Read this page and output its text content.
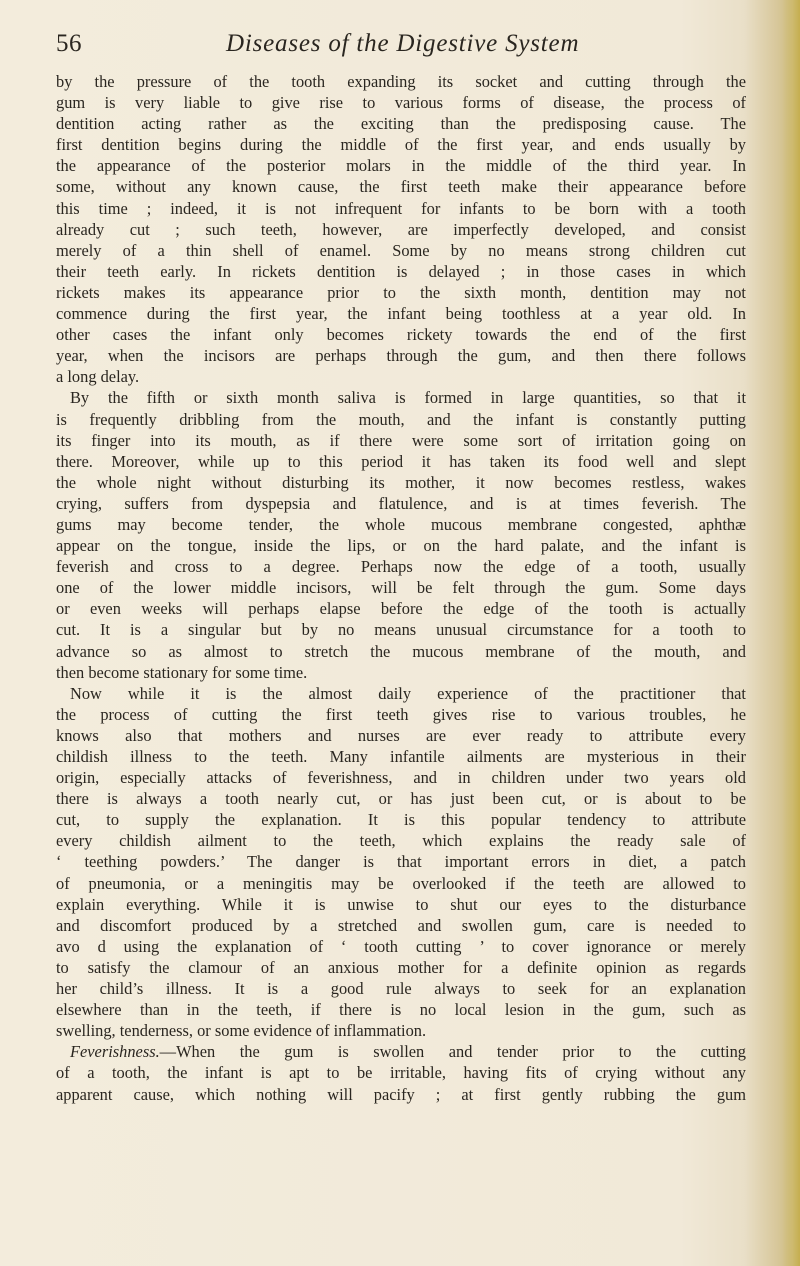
56	Diseases of the Digestive System
by the pressure of the tooth expanding its socket and cutting through the
gum is very liable to give rise to various forms of disease, the process of
dentition acting rather as the exciting than the predisposing cause. The
first dentition begins during the middle of the first year, and ends usually by
the appearance of the posterior molars in the middle of the third year. In
some, without any known cause, the first teeth make their appearance before
this time ; indeed, it is not infrequent for infants to be born with a tooth
already cut ; such teeth, however, are imperfectly developed, and consist
merely of a thin shell of enamel. Some by no means strong children cut
their teeth early. In rickets dentition is delayed ; in those cases in which
rickets makes its appearance prior to the sixth month, dentition may not
commence during the first year, the infant being toothless at a year old. In
other cases the infant only becomes rickety towards the end of the first
year, when the incisors are perhaps through the gum, and then there follows
a long delay.
By the fifth or sixth month saliva is formed in large quantities, so that it
is frequently dribbling from the mouth, and the infant is constantly putting
its finger into its mouth, as if there were some sort of irritation going on
there. Moreover, while up to this period it has taken its food well and slept
the whole night without disturbing its mother, it now becomes restless, wakes
crying, suffers from dyspepsia and flatulence, and is at times feverish. The
gums may become tender, the whole mucous membrane congested, aphthæ
appear on the tongue, inside the lips, or on the hard palate, and the infant is
feverish and cross to a degree. Perhaps now the edge of a tooth, usually
one of the lower middle incisors, will be felt through the gum. Some days
or even weeks will perhaps elapse before the edge of the tooth is actually
cut. It is a singular but by no means unusual circumstance for a tooth to
advance so as almost to stretch the mucous membrane of the mouth, and
then become stationary for some time.
Now while it is the almost daily experience of the practitioner that
the process of cutting the first teeth gives rise to various troubles, he
knows also that mothers and nurses are ever ready to attribute every
childish illness to the teeth. Many infantile ailments are mysterious in their
origin, especially attacks of feverishness, and in children under two years old
there is always a tooth nearly cut, or has just been cut, or is about to be
cut, to supply the explanation. It is this popular tendency to attribute
every childish ailment to the teeth, which explains the ready sale of
‘ teething powders.’ The danger is that important errors in diet, a patch
of pneumonia, or a meningitis may be overlooked if the teeth are allowed to
explain everything. While it is unwise to shut our eyes to the disturbance
and discomfort produced by a stretched and swollen gum, care is needed to
avo d using the explanation of ‘ tooth cutting ’ to cover ignorance or merely
to satisfy the clamour of an anxious mother for a definite opinion as regards
her child’s illness. It is a good rule always to seek for an explanation
elsewhere than in the teeth, if there is no local lesion in the gum, such as
swelling, tenderness, or some evidence of inflammation.
Feverishness.—When the gum is swollen and tender prior to the cutting
of a tooth, the infant is apt to be irritable, having fits of crying without any
apparent cause, which nothing will pacify ; at first gently rubbing the gum
